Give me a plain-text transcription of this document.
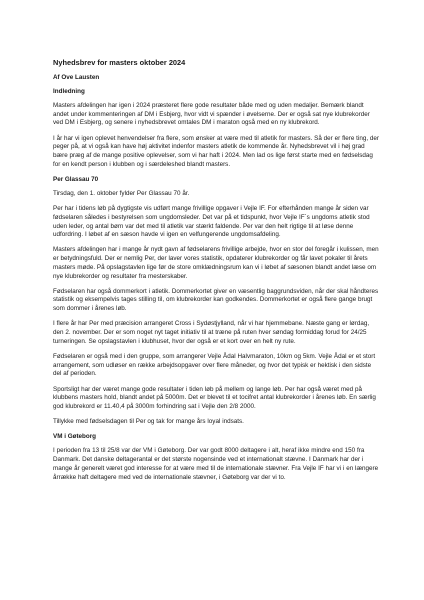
Nyhedsbrev for masters oktober 2024
Af Ove Lausten
Indledning

Masters afdelingen har igen i 2024 præsteret flere gode resultater både med og uden medaljer. Bemærk blandt andet under kommenteringen af DM i Esbjerg, hvor vidt vi spænder i øvelserne. Der er også sat nye klubrekorder ved DM i Esbjerg, og senere i nyhedsbrevet omtales DM i maraton også med en ny klubrekord.

I år har vi igen oplevet henvendelser fra flere, som ønsker at være med til atletik for masters. Så der er flere ting, der peger på, at vi også kan have høj aktivitet indenfor masters atletik de kommende år. Nyhedsbrevet vil i høj grad bære præg af de mange positive oplevelser, som vi har haft i 2024. Men lad os lige først starte med en fødselsdag for en kendt person i klubben og i særdeleshed blandt masters.

Per Glassau 70

Tirsdag, den 1. oktober fylder Per Glassau 70 år.

Per har i tidens løb på dygtigste vis udført mange frivillige opgaver i Vejle IF. For efterhånden mange år siden var fødselaren således i bestyrelsen som ungdomsleder. Det var på et tidspunkt, hvor Vejle IF´s ungdoms atletik stod uden leder, og antal børn var det med til atletik var stærkt faldende. Per var den helt rigtige til at løse denne udfordring. I løbet af en sæson havde vi igen en velfungerende ungdomsafdeling.

Masters afdelingen har i mange år nydt gavn af fødselarens frivillige arbejde, hvor en stor del foregår i kulissen, men er betydningsfuld. Der er nemlig Per, der laver vores statistik, opdaterer klubrekorder og får lavet pokaler til årets masters møde. På opslagstavlen lige før de store omklædningsrum kan vi i løbet af sæsonen blandt andet læse om nye klubrekorder og resultater fra mesterskaber.

Fødselaren har også dommerkort i atletik. Dommerkortet giver en væsentlig baggrundsviden, når der skal håndteres statistik og eksempelvis tages stilling til, om klubrekorder kan godkendes. Dommerkortet er også flere gange brugt som dommer i årenes løb.

I flere år har Per med præcision arrangeret Cross i Sydøstjylland, når vi har hjemmebane. Næste gang er lørdag, den 2. november. Der er som noget nyt taget initiativ til at træne på ruten hver søndag formiddag forud for 24/25 turneringen. Se opslagstavlen i klubhuset, hvor der også er et kort over en helt ny rute.

Fødselaren er også med i den gruppe, som arrangerer Vejle Ådal Halvmaraton, 10km og 5km. Vejle Ådal er et stort arrangement, som udløser en række arbejdsopgaver over flere måneder, og hvor det typisk er hektisk i den sidste del af perioden.

Sportsligt har der været mange gode resultater i tiden løb på mellem og lange løb. Per har også været med på klubbens masters hold, blandt andet på 5000m. Det er blevet til et tocifret antal klubrekorder i årenes løb. En særlig god klubrekord er 11.40,4 på 3000m forhindring sat i Vejle den 2/8 2000.

Tillykke med fødselsdagen til Per og tak for mange års loyal indsats.

VM i Gøteborg

I perioden fra 13 til 25/8 var der VM i Gøteborg. Der var godt 8000 deltagere i alt, heraf ikke mindre end 150 fra Danmark. Det danske deltagerantal er det største nogensinde ved et internationalt stævne. I Danmark har der i mange år generelt været god interesse for at være med til de internationale stævner. Fra Vejle IF har vi i en længere årrække haft deltagere med ved de internationale stævner, i Gøteborg var der vi to.
